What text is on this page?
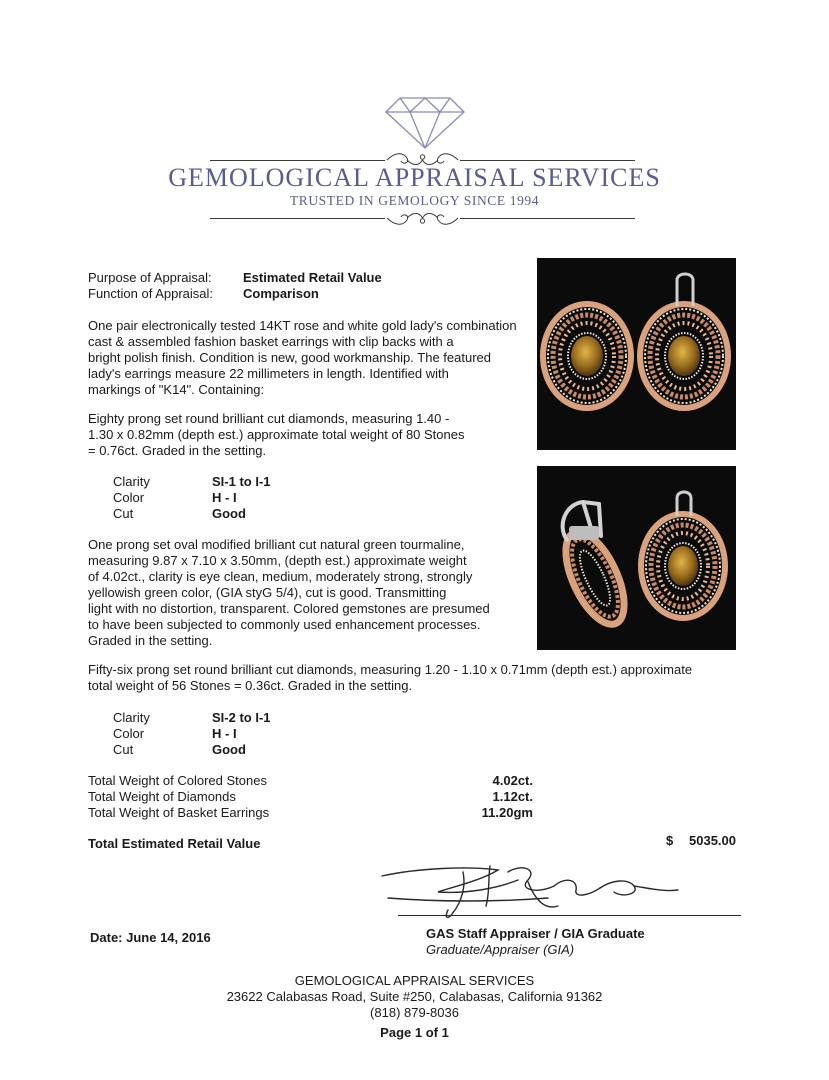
GEMOLOGICAL APPRAISAL SERVICES
TRUSTED IN GEMOLOGY SINCE 1994
Purpose of Appraisal: Estimated Retail Value
Function of Appraisal: Comparison
One pair electronically tested 14KT rose and white gold lady's combination
cast & assembled fashion basket earrings with clip backs with a
bright polish finish. Condition is new, good workmanship. The featured
lady's earrings measure 22 millimeters in length. Identified with
markings of "K14". Containing:
Eighty prong set round brilliant cut diamonds, measuring 1.40 -
1.30 x 0.82mm (depth est.) approximate total weight of 80 Stones
= 0.76ct. Graded in the setting.
Clarity	SI-1 to I-1
Color	H - I
Cut	Good
One prong set oval modified brilliant cut natural green tourmaline,
measuring 9.87 x 7.10 x 3.50mm, (depth est.) approximate weight
of 4.02ct., clarity is eye clean, medium, moderately strong, strongly
yellowish green color, (GIA styG 5/4), cut is good. Transmitting
light with no distortion, transparent. Colored gemstones are presumed
to have been subjected to commonly used enhancement processes.
Graded in the setting.
Fifty-six prong set round brilliant cut diamonds, measuring 1.20 - 1.10 x 0.71mm (depth est.) approximate
total weight of 56 Stones = 0.36ct. Graded in the setting.
Clarity	SI-2 to I-1
Color	H - I
Cut	Good
Total Weight of Colored Stones	4.02ct.
Total Weight of Diamonds	1.12ct.
Total Weight of Basket Earrings	11.20gm
Total Estimated Retail Value	$ 5035.00
Date: June 14, 2016	GAS Staff Appraiser / GIA Graduate
Graduate/Appraiser (GIA)
GEMOLOGICAL APPRAISAL SERVICES
23622 Calabasas Road, Suite #250, Calabasas, California 91362
(818) 879-8036
Page 1 of 1
